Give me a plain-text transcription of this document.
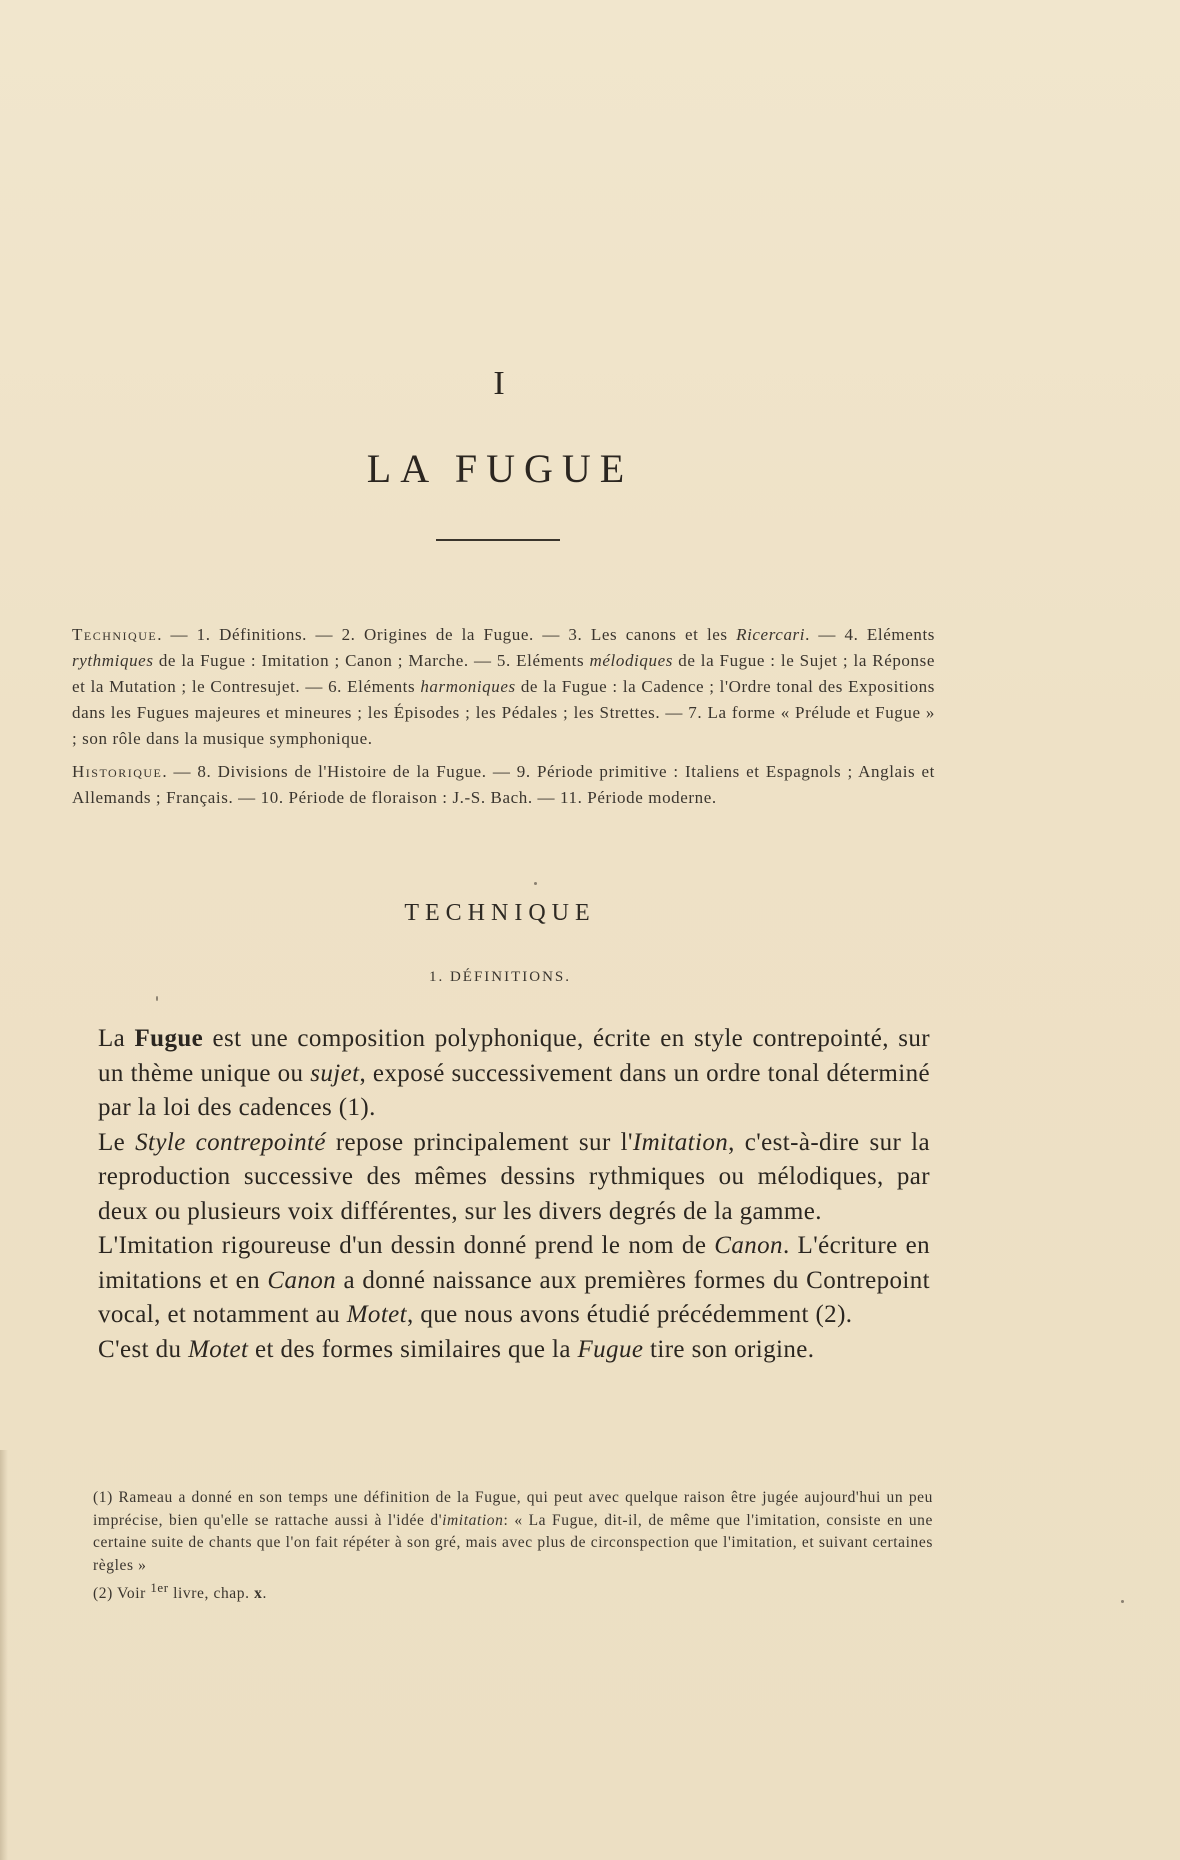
I
LA FUGUE

Technique. — 1. Définitions. — 2. Origines de la Fugue. — 3. Les canons et les Ricercari. — 4. Eléments rythmiques de la Fugue : Imitation ; Canon ; Marche. — 5. Eléments mélodiques de la Fugue : le Sujet ; la Réponse et la Mutation ; le Contresujet. — 6. Eléments harmoniques de la Fugue : la Cadence ; l'Ordre tonal des Expositions dans les Fugues majeures et mineures ; les Épisodes ; les Pédales ; les Strettes. — 7. La forme « Prélude et Fugue » ; son rôle dans la musique symphonique.

Historique. — 8. Divisions de l'Histoire de la Fugue. — 9. Période primitive : Italiens et Espagnols ; Anglais et Allemands ; Français. — 10. Période de floraison : J.-S. Bach. — 11. Période moderne.

TECHNIQUE
1. DÉFINITIONS.

La Fugue est une composition polyphonique, écrite en style contrepointé, sur un thème unique ou sujet, exposé successivement dans un ordre tonal déterminé par la loi des cadences (1).

Le Style contrepointé repose principalement sur l'Imitation, c'est-à-dire sur la reproduction successive des mêmes dessins rythmiques ou mélodiques, par deux ou plusieurs voix différentes, sur les divers degrés de la gamme.

L'Imitation rigoureuse d'un dessin donné prend le nom de Canon. L'écriture en imitations et en Canon a donné naissance aux premières formes du Contrepoint vocal, et notamment au Motet, que nous avons étudié précédemment (2).

C'est du Motet et des formes similaires que la Fugue tire son origine.

(1) Rameau a donné en son temps une définition de la Fugue, qui peut avec quelque raison être jugée aujourd'hui un peu imprécise, bien qu'elle se rattache aussi à l'idée d'imitation: « La Fugue, dit-il, de même que l'imitation, consiste en une certaine suite de chants que l'on fait répéter à son gré, mais avec plus de circonspection que l'imitation, et suivant certaines règles »

(2) Voir $^{1er}$ livre, chap. x.
